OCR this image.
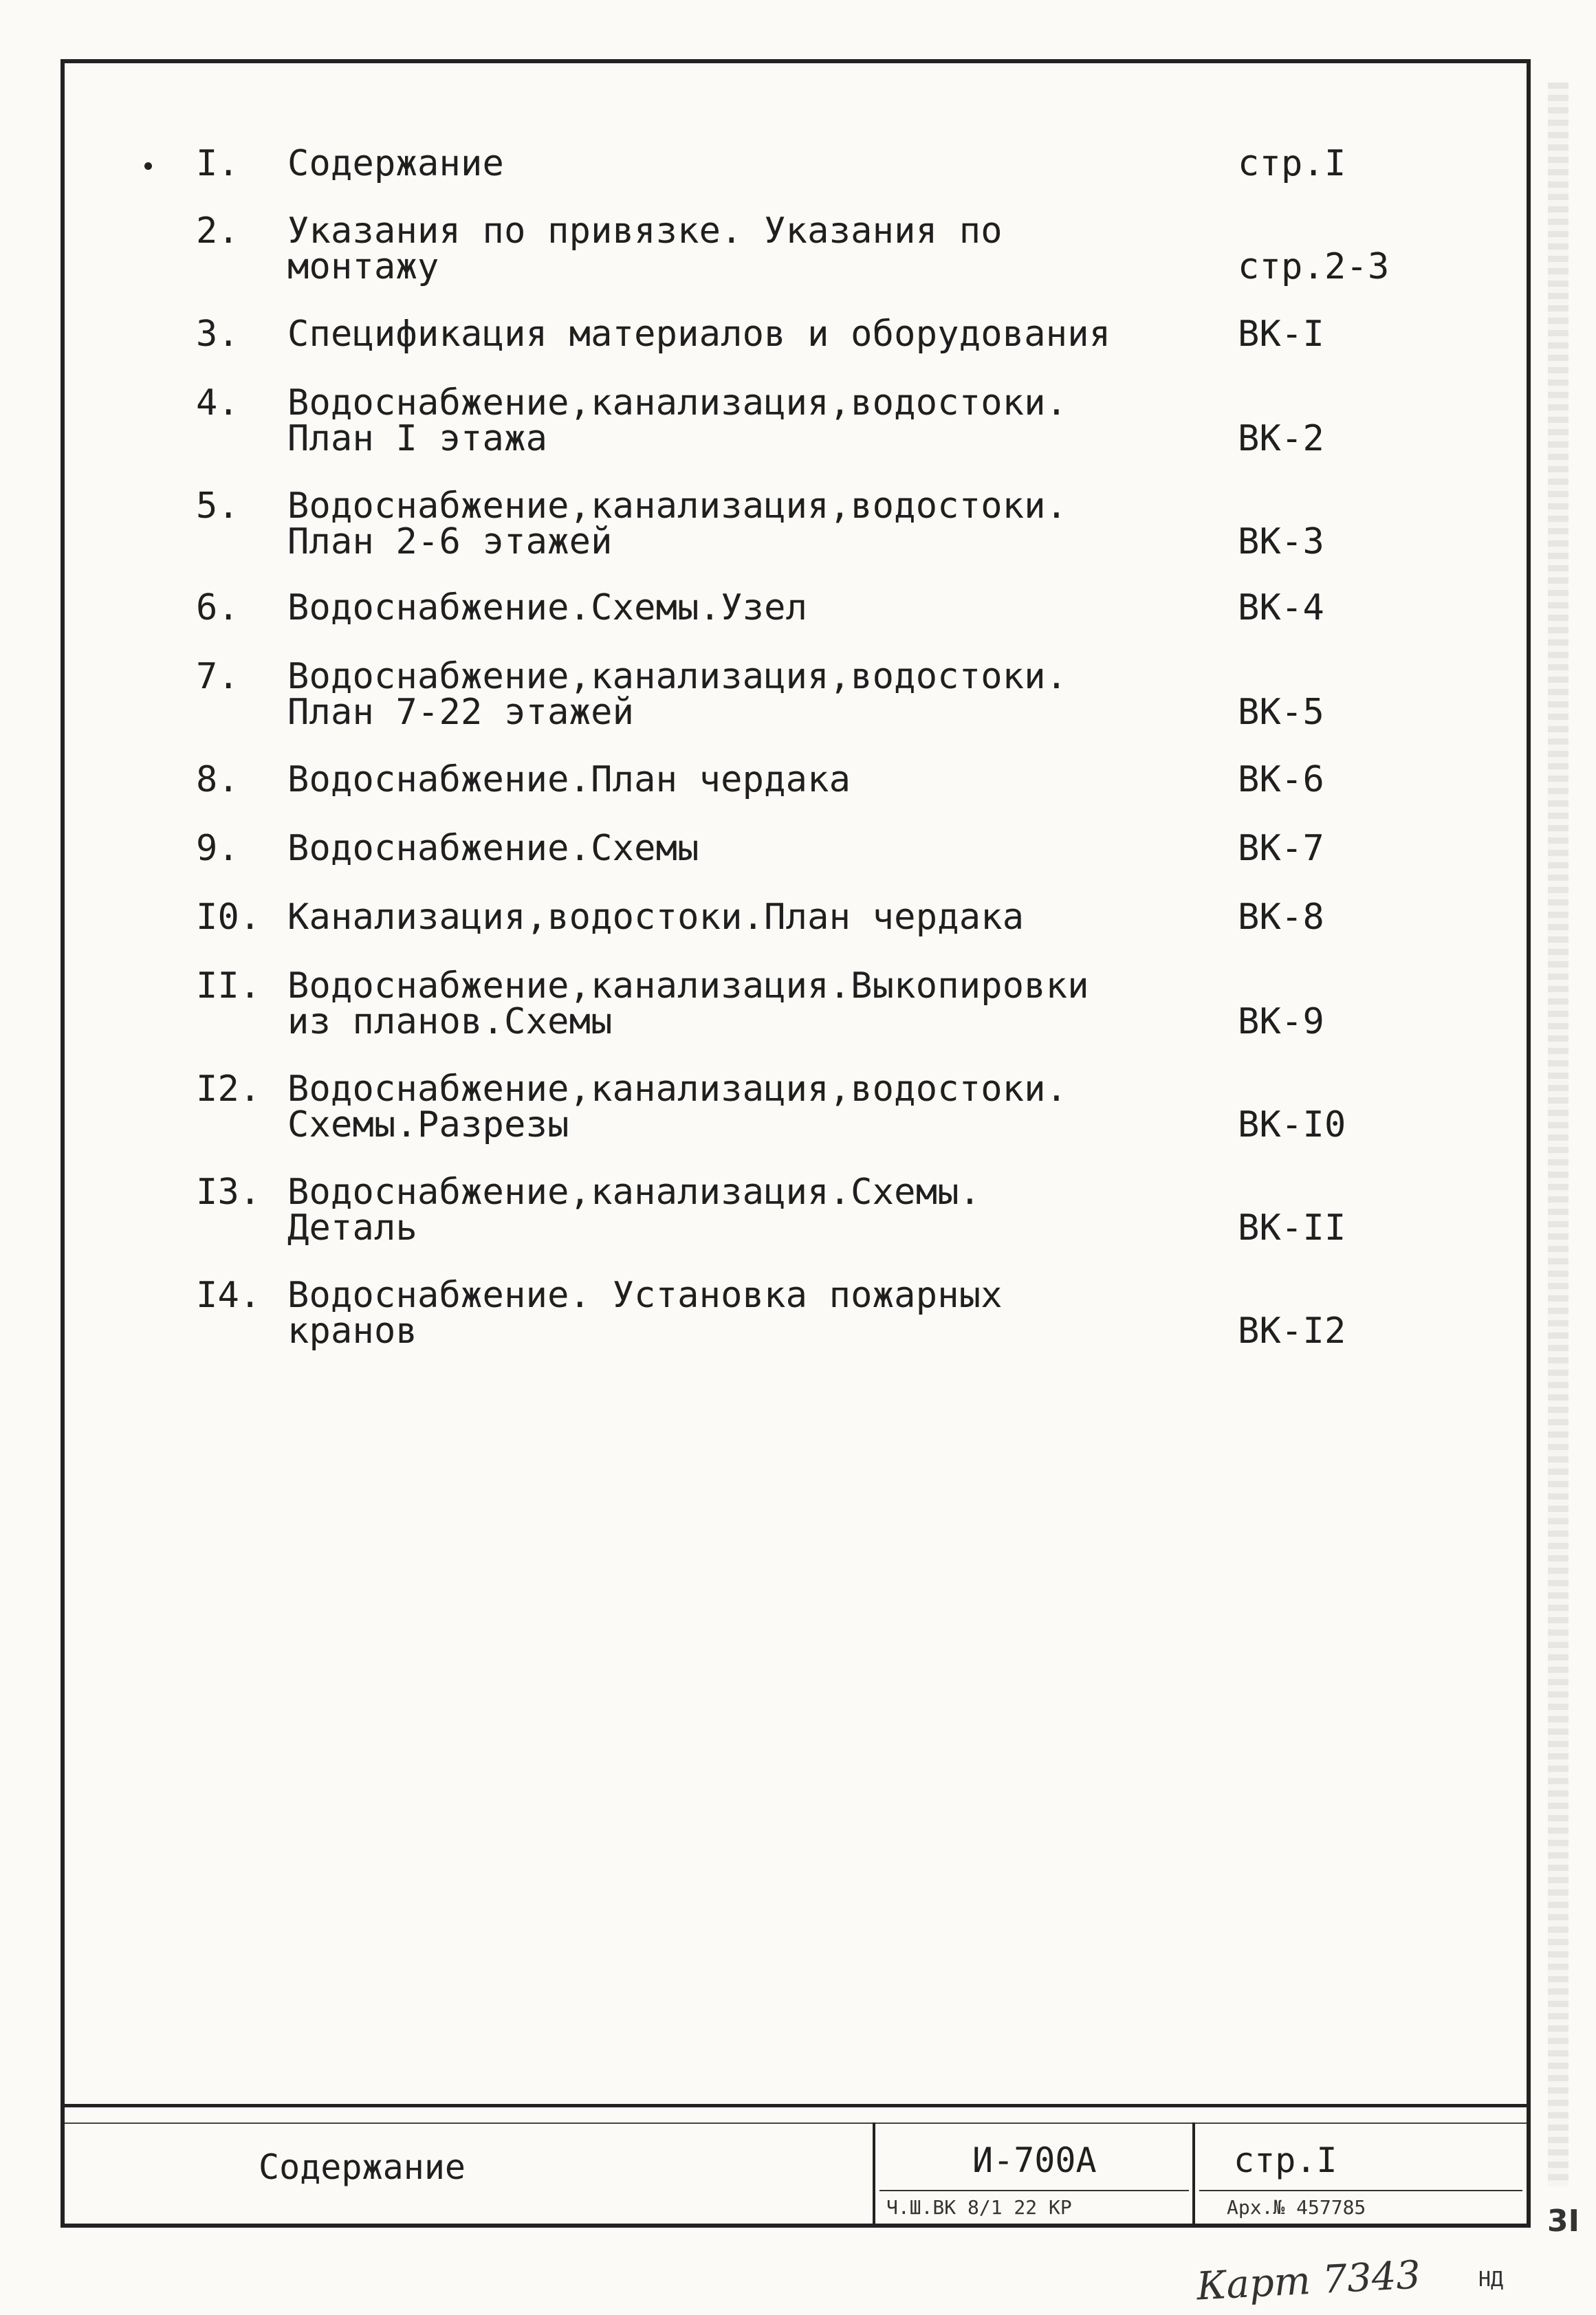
I.	Содержание	стр.I
2.	Указания по привязке. Указания по
монтажу	стр.2-3
3.	Спецификация материалов и оборудования	ВК-I
4.	Водоснабжение,канализация,водостоки.
План I этажа	ВК-2
5.	Водоснабжение,канализация,водостоки.
План 2-6 этажей	ВК-3
6.	Водоснабжение.Схемы.Узел	ВК-4
7.	Водоснабжение,канализация,водостоки.
План 7-22 этажей	ВК-5
8.	Водоснабжение.План чердака	ВК-6
9.	Водоснабжение.Схемы	ВК-7
I0. Канализация,водостоки.План чердака	ВК-8
II. Водоснабжение,канализация.Выкопировки
из планов.Схемы	ВК-9
I2. Водоснабжение,канализация,водостоки.
Схемы.Разрезы	ВК-I0
I3. Водоснабжение,канализация.Схемы.
Деталь	ВК-II
I4. Водоснабжение. Установка пожарных
кранов	ВК-I2
Содержание	И-700А
Ч.Ш.ВК 8/1 22 КР
стр.I
Арх.№ 457785	3I
Карт 7343	НД
